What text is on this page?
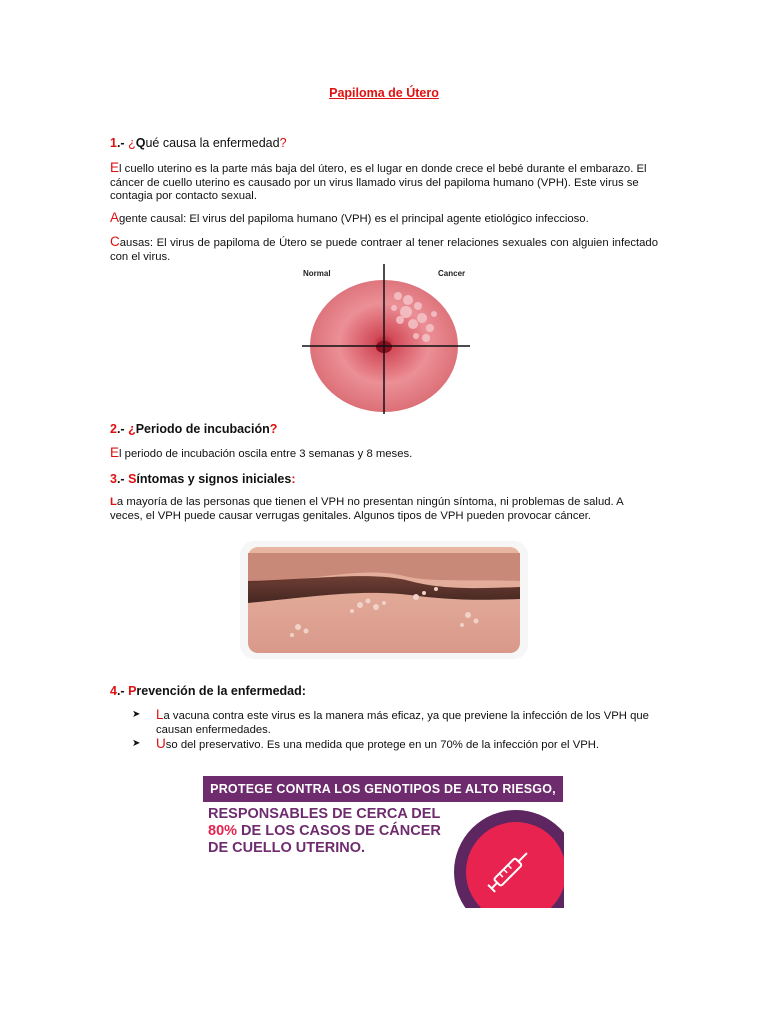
Papiloma de Útero
1.- ¿Qué causa la enfermedad?
El cuello uterino es la parte más baja del útero, es el lugar en donde crece el bebé durante el embarazo. El cáncer de cuello uterino es causado por un virus llamado virus del papiloma humano (VPH). Este virus se contagia por contacto sexual.
Agente causal: El virus del papiloma humano (VPH) es el principal agente etiológico infeccioso.
Causas: El virus de papiloma de Útero se puede contraer al tener relaciones sexuales con alguien infectado            con el virus.
Normal	Cancer
2.- ¿Periodo de incubación?
El periodo de incubación oscila entre 3 semanas y 8 meses.
3.- Síntomas y signos iniciales:
La mayoría de las personas que tienen el VPH no presentan ningún síntoma, ni problemas de salud. A veces, el VPH puede causar verrugas genitales. Algunos tipos de VPH pueden provocar cáncer.
4.- Prevención de la enfermedad:
➤ La vacuna contra este virus es la manera más eficaz, ya que previene la infección de los VPH que causan enfermedades.
➤ Uso del preservativo. Es una medida que protege en un 70% de la infección por el VPH.
PROTEGE CONTRA LOS GENOTIPOS DE ALTO RIESGO,
RESPONSABLES DE CERCA DEL
80% DE LOS CASOS DE CÁNCER
DE CUELLO UTERINO.
